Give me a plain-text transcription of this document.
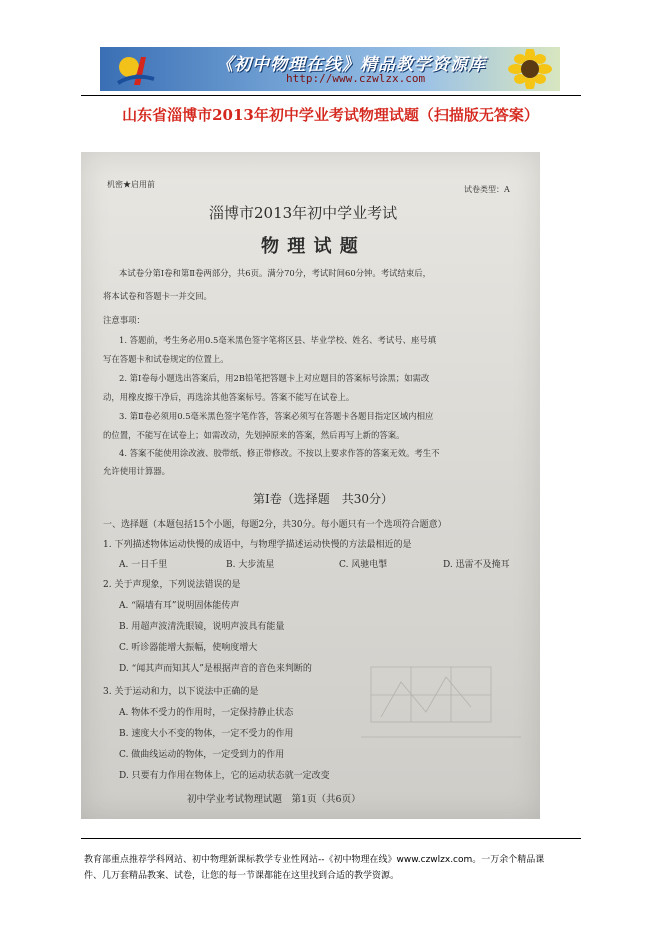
《初中物理在线》精品教学资源库
http://www.czwlzx.com
山东省淄博市2013年初中学业考试物理试题（扫描版无答案）
机密★启用前
试卷类型：A
淄博市2013年初中学业考试
物 理 试 题
本试卷分第Ⅰ卷和第Ⅱ卷两部分，共6页。满分70分，考试时间60分钟。考试结束后，
将本试卷和答题卡一并交回。
注意事项：
1. 答题前，考生务必用0.5毫米黑色签字笔将区县、毕业学校、姓名、考试号、座号填
写在答题卡和试卷规定的位置上。
2. 第Ⅰ卷每小题选出答案后，用2B铅笔把答题卡上对应题目的答案标号涂黑；如需改
动，用橡皮擦干净后，再选涂其他答案标号。答案不能写在试卷上。
3. 第Ⅱ卷必须用0.5毫米黑色签字笔作答，答案必须写在答题卡各题目指定区域内相应
的位置，不能写在试卷上；如需改动，先划掉原来的答案，然后再写上新的答案。
4. 答案不能使用涂改液、胶带纸、修正带修改。不按以上要求作答的答案无效。考生不
允许使用计算器。
第Ⅰ卷（选择题　共30分）
一、选择题（本题包括15个小题，每题2分，共30分。每小题只有一个选项符合题意）
1. 下列描述物体运动快慢的成语中，与物理学描述运动快慢的方法最相近的是
A. 一日千里	B. 大步流星	C. 风驰电掣	D. 迅雷不及掩耳
2. 关于声现象，下列说法错误的是
A. “隔墙有耳”说明固体能传声
B. 用超声波清洗眼镜，说明声波具有能量
C. 听诊器能增大振幅，使响度增大
D. “闻其声而知其人”是根据声音的音色来判断的
3. 关于运动和力，以下说法中正确的是
A. 物体不受力的作用时，一定保持静止状态
B. 速度大小不变的物体，一定不受力的作用
C. 做曲线运动的物体，一定受到力的作用
D. 只要有力作用在物体上，它的运动状态就一定改变
初中学业考试物理试题　第1页（共6页）
教育部重点推荐学科网站、初中物理新课标教学专业性网站--《初中物理在线》www.czwlzx.com。一万余个精品课
件、几万套精品教案、试卷，让您的每一节课都能在这里找到合适的教学资源。
